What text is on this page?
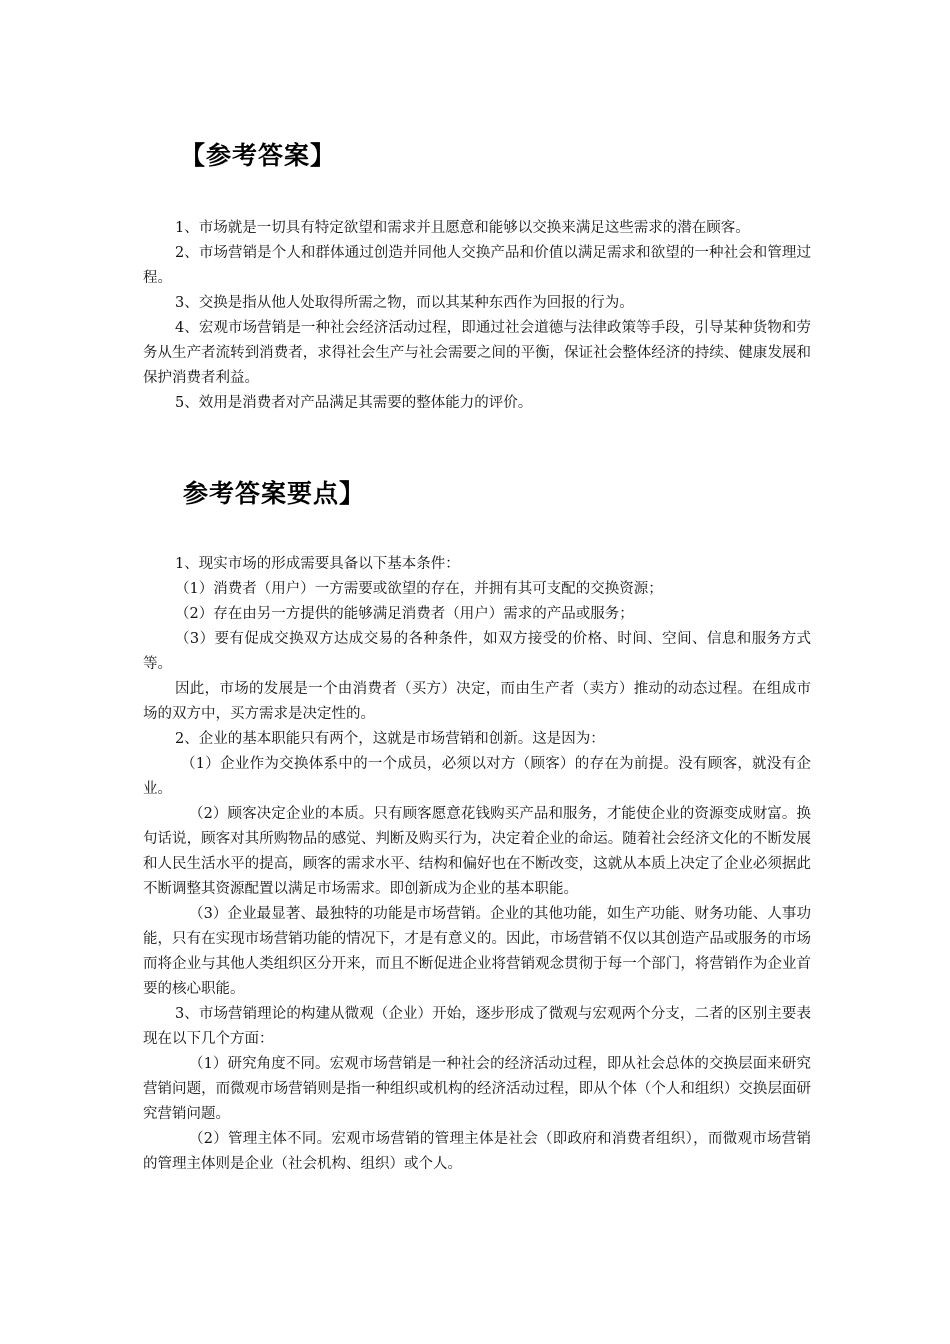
【参考答案】

1、市场就是一切具有特定欲望和需求并且愿意和能够以交换来满足这些需求的潜在顾客。

2、市场营销是个人和群体通过创造并同他人交换产品和价值以满足需求和欲望的一种社会和管理过程。

3、交换是指从他人处取得所需之物，而以其某种东西作为回报的行为。

4、宏观市场营销是一种社会经济活动过程，即通过社会道德与法律政策等手段，引导某种货物和劳务从生产者流转到消费者，求得社会生产与社会需要之间的平衡，保证社会整体经济的持续、健康发展和保护消费者利益。

5、效用是消费者对产品满足其需要的整体能力的评价。

参考答案要点】

1、现实市场的形成需要具备以下基本条件：

（1）消费者（用户）一方需要或欲望的存在，并拥有其可支配的交换资源；

（2）存在由另一方提供的能够满足消费者（用户）需求的产品或服务；

（3）要有促成交换双方达成交易的各种条件，如双方接受的价格、时间、空间、信息和服务方式等。

因此，市场的发展是一个由消费者（买方）决定，而由生产者（卖方）推动的动态过程。在组成市场的双方中，买方需求是决定性的。

2、企业的基本职能只有两个，这就是市场营销和创新。这是因为：

（1）企业作为交换体系中的一个成员，必须以对方（顾客）的存在为前提。没有顾客，就没有企业。

（2）顾客决定企业的本质。只有顾客愿意花钱购买产品和服务，才能使企业的资源变成财富。换句话说，顾客对其所购物品的感觉、判断及购买行为，决定着企业的命运。随着社会经济文化的不断发展和人民生活水平的提高，顾客的需求水平、结构和偏好也在不断改变，这就从本质上决定了企业必须据此不断调整其资源配置以满足市场需求。即创新成为企业的基本职能。

（3）企业最显著、最独特的功能是市场营销。企业的其他功能，如生产功能、财务功能、人事功能，只有在实现市场营销功能的情况下，才是有意义的。因此，市场营销不仅以其创造产品或服务的市场而将企业与其他人类组织区分开来，而且不断促进企业将营销观念贯彻于每一个部门，将营销作为企业首要的核心职能。

3、市场营销理论的构建从微观（企业）开始，逐步形成了微观与宏观两个分支，二者的区别主要表现在以下几个方面：

（1）研究角度不同。宏观市场营销是一种社会的经济活动过程，即从社会总体的交换层面来研究营销问题，而微观市场营销则是指一种组织或机构的经济活动过程，即从个体（个人和组织）交换层面研究营销问题。

（2）管理主体不同。宏观市场营销的管理主体是社会（即政府和消费者组织），而微观市场营销的管理主体则是企业（社会机构、组织）或个人。
